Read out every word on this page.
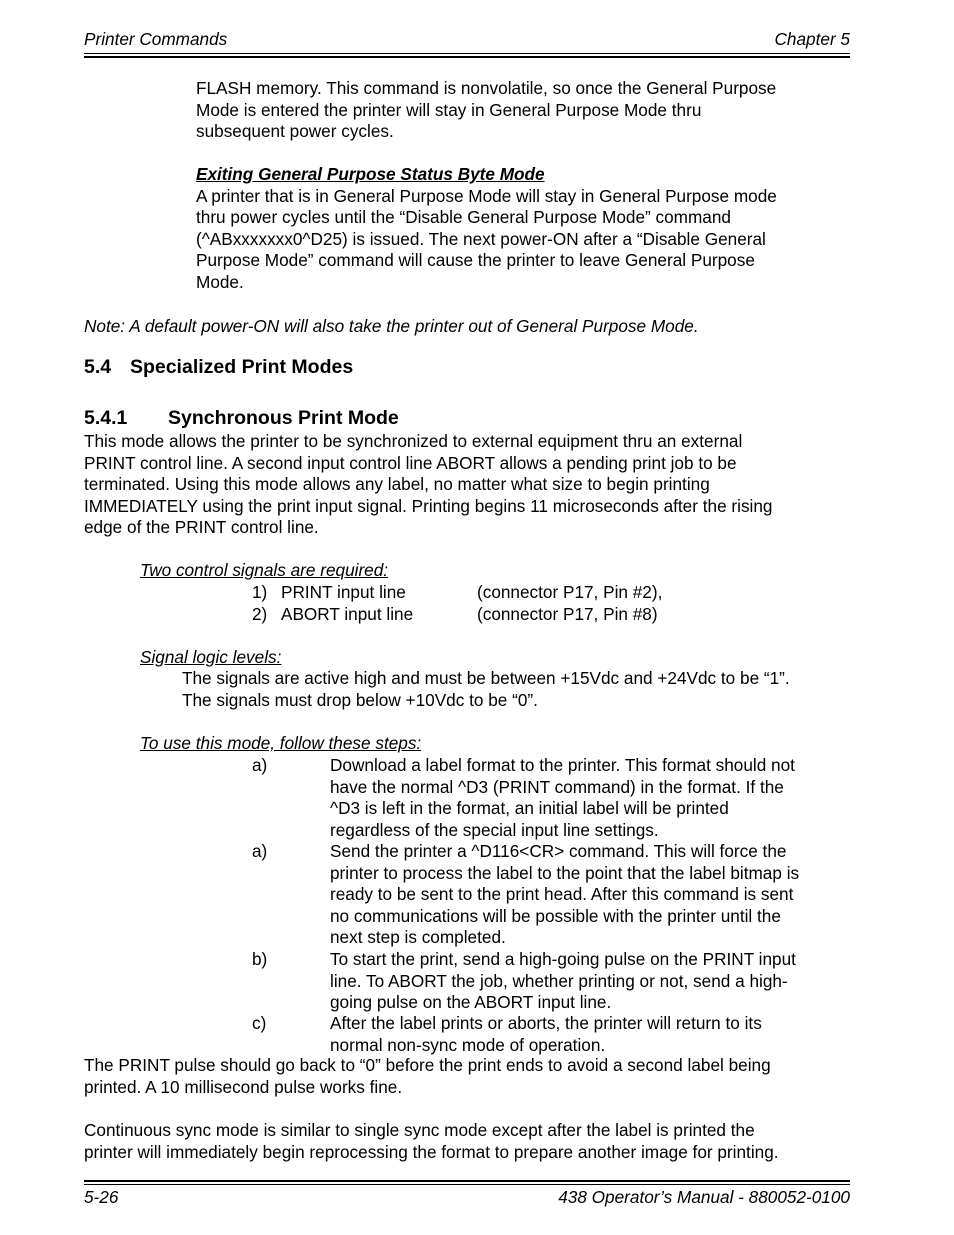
Printer Commands	Chapter 5
FLASH memory. This command is nonvolatile, so once the General Purpose
Mode is entered the printer will stay in General Purpose Mode thru
subsequent power cycles.
Exiting General Purpose Status Byte Mode
A printer that is in General Purpose Mode will stay in General Purpose mode
thru power cycles until the “Disable General Purpose Mode” command
(^ABxxxxxxx0^D25) is issued. The next power-ON after a “Disable General
Purpose Mode” command will cause the printer to leave General Purpose
Mode.
Note: A default power-ON will also take the printer out of General Purpose Mode.
5.4 Specialized Print Modes
5.4.1 Synchronous Print Mode
This mode allows the printer to be synchronized to external equipment thru an external
PRINT control line. A second input control line ABORT allows a pending print job to be
terminated. Using this mode allows any label, no matter what size to begin printing
IMMEDIATELY using the print input signal. Printing begins 11 microseconds after the rising
edge of the PRINT control line.
Two control signals are required:
1) PRINT input line	(connector P17, Pin #2),
2) ABORT input line	(connector P17, Pin #8)
Signal logic levels:
The signals are active high and must be between +15Vdc and +24Vdc to be “1”.
The signals must drop below +10Vdc to be “0”.
To use this mode, follow these steps:
a)	Download a label format to the printer. This format should not
have the normal ^D3 (PRINT command) in the format. If the
^D3 is left in the format, an initial label will be printed
regardless of the special input line settings.
a)	Send the printer a ^D116<CR> command. This will force the
printer to process the label to the point that the label bitmap is
ready to be sent to the print head. After this command is sent
no communications will be possible with the printer until the
next step is completed.
b)	To start the print, send a high-going pulse on the PRINT input
line. To ABORT the job, whether printing or not, send a high-
going pulse on the ABORT input line.
c)	After the label prints or aborts, the printer will return to its
normal non-sync mode of operation.
The PRINT pulse should go back to “0” before the print ends to avoid a second label being
printed. A 10 millisecond pulse works fine.
Continuous sync mode is similar to single sync mode except after the label is printed the
printer will immediately begin reprocessing the format to prepare another image for printing.
5-26	438 Operator’s Manual - 880052-0100
